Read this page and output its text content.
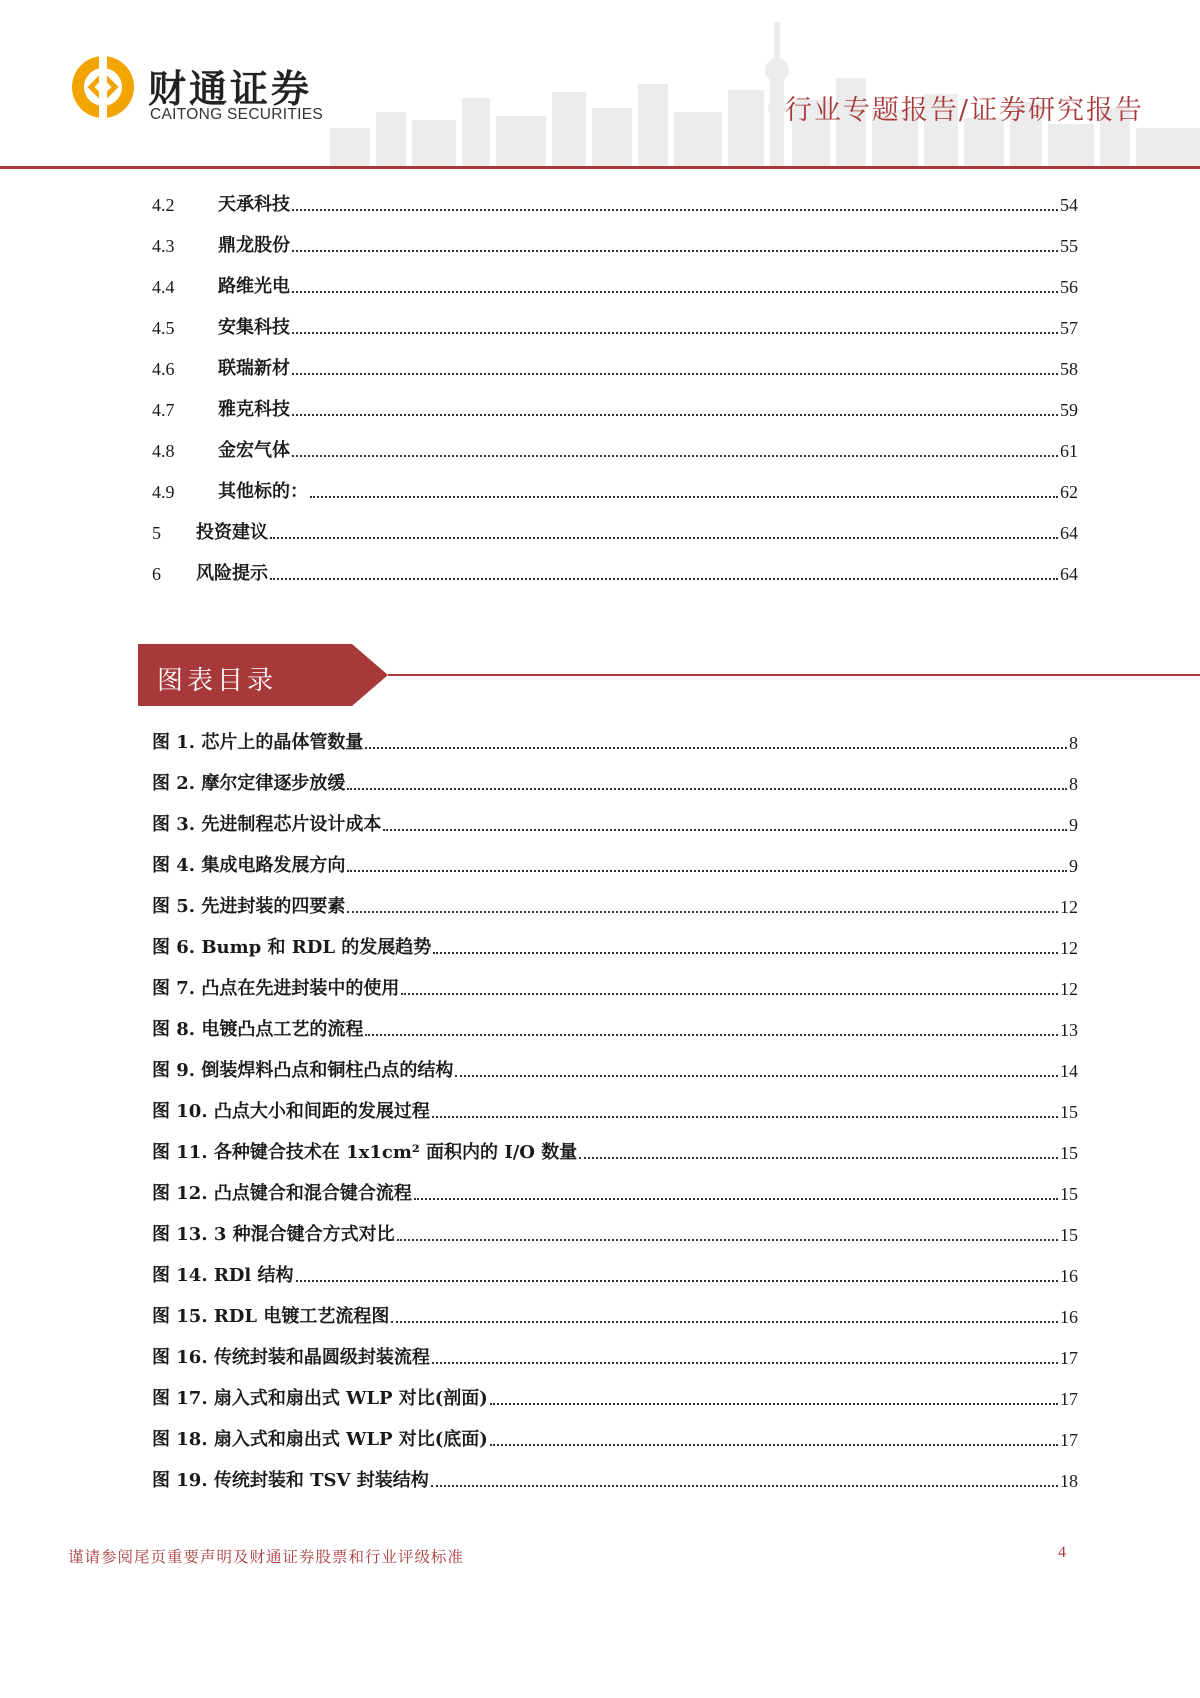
财通证券
CAITONG SECURITIES	行业专题报告/证券研究报告
4.2	天承科技	54
4.3	鼎龙股份	55
4.4	路维光电	56
4.5	安集科技	57
4.6	联瑞新材	58
4.7	雅克科技	59
4.8	金宏气体	61
4.9	其他标的：	62
5	投资建议	64
6	风险提示	64
图表目录
图 1. 芯片上的晶体管数量	8
图 2. 摩尔定律逐步放缓	8
图 3. 先进制程芯片设计成本	9
图 4. 集成电路发展方向	9
图 5. 先进封装的四要素	12
图 6. Bump 和 RDL 的发展趋势	12
图 7. 凸点在先进封装中的使用	12
图 8. 电镀凸点工艺的流程	13
图 9. 倒装焊料凸点和铜柱凸点的结构	14
图 10. 凸点大小和间距的发展过程	15
图 11. 各种键合技术在 1x1cm² 面积内的 I/O 数量	15
图 12. 凸点键合和混合键合流程	15
图 13. 3 种混合键合方式对比	15
图 14. RDl 结构	16
图 15. RDL 电镀工艺流程图	16
图 16. 传统封装和晶圆级封装流程	17
图 17. 扇入式和扇出式 WLP 对比(剖面)	17
图 18. 扇入式和扇出式 WLP 对比(底面)	17
图 19. 传统封装和 TSV 封装结构	18
谨请参阅尾页重要声明及财通证券股票和行业评级标准	4
